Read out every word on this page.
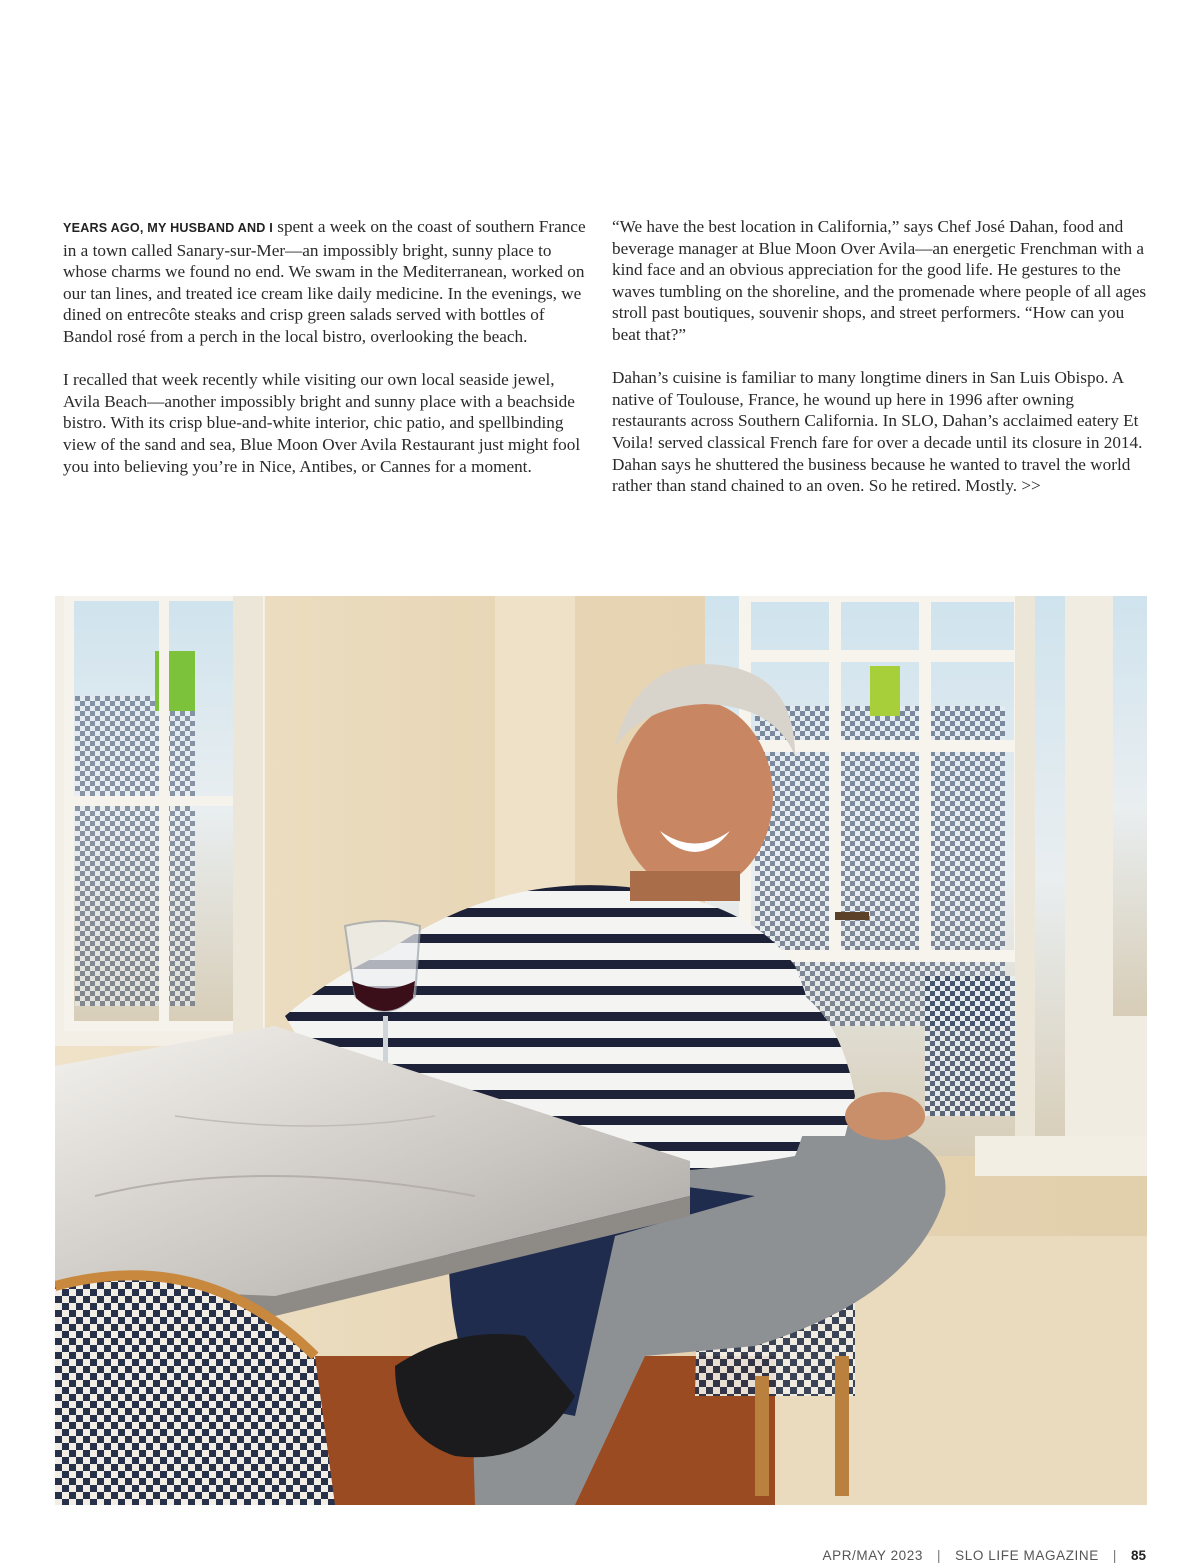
YEARS AGO, MY HUSBAND AND I spent a week on the coast of southern France in a town called Sanary-sur-Mer—an impossibly bright, sunny place to whose charms we found no end. We swam in the Mediterranean, worked on our tan lines, and treated ice cream like daily medicine. In the evenings, we dined on entrecôte steaks and crisp green salads served with bottles of Bandol rosé from a perch in the local bistro, overlooking the beach.

I recalled that week recently while visiting our own local seaside jewel, Avila Beach—another impossibly bright and sunny place with a beachside bistro. With its crisp blue-and-white interior, chic patio, and spellbinding view of the sand and sea, Blue Moon Over Avila Restaurant just might fool you into believing you’re in Nice, Antibes, or Cannes for a moment.

“We have the best location in California,” says Chef José Dahan, food and beverage manager at Blue Moon Over Avila—an energetic Frenchman with a kind face and an obvious appreciation for the good life. He gestures to the waves tumbling on the shoreline, and the promenade where people of all ages stroll past boutiques, souvenir shops, and street performers. “How can you beat that?”

Dahan’s cuisine is familiar to many longtime diners in San Luis Obispo. A native of Toulouse, France, he wound up here in 1996 after owning restaurants across Southern California. In SLO, Dahan’s acclaimed eatery Et Voila! served classical French fare for over a decade until its closure in 2014. Dahan says he shuttered the business because he wanted to travel the world rather than stand chained to an oven. So he retired. Mostly. >>

APR/MAY 2023 | SLO LIFE MAGAZINE | 85
